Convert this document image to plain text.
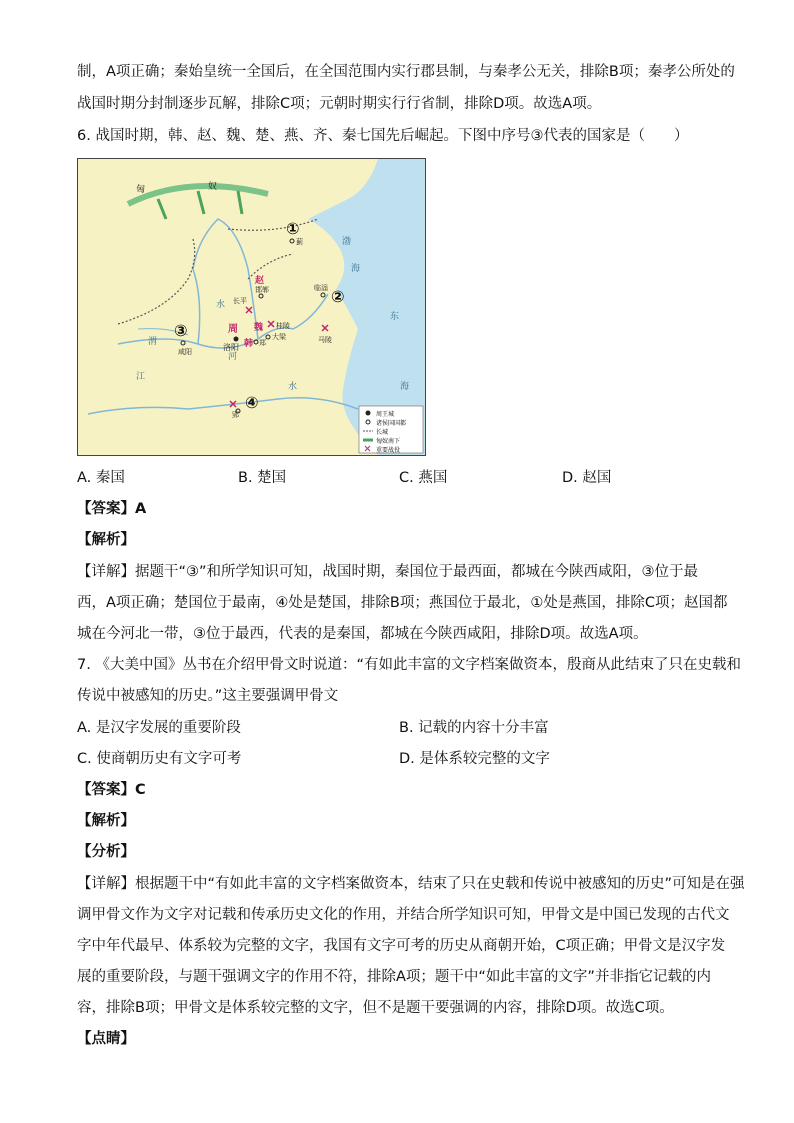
制，A项正确；秦始皇统一全国后，在全国范围内实行郡县制，与秦孝公无关，排除B项；秦孝公所处的
战国时期分封制逐步瓦解，排除C项；元朝时期实行行省制，排除D项。故选A项。
6. 战国时期，韩、赵、魏、楚、燕、齐、秦七国先后崛起。下图中序号③代表的国家是（　　）
匈	奴
渤
海
东
海
河
水
江
水
渭
①
②
③
④
蓟
赵
邯郸
长平
临淄
魏 桂陵
大梁
周
韩 郑
洛阳
咸阳
马陵
郢	周王城
诸侯国国都
长城
匈奴南下
重要战役
A. 秦国	B. 楚国	C. 燕国	D. 赵国
【答案】A
【解析】
【详解】据题干“③”和所学知识可知，战国时期，秦国位于最西面，都城在今陕西咸阳，③位于最
西，A项正确；楚国位于最南，④处是楚国，排除B项；燕国位于最北，①处是燕国，排除C项；赵国都
城在今河北一带，③位于最西，代表的是秦国，都城在今陕西咸阳，排除D项。故选A项。
7. 《大美中国》丛书在介绍甲骨文时说道：“有如此丰富的文字档案做资本，殷商从此结束了只在史载和
传说中被感知的历史。”这主要强调甲骨文
A. 是汉字发展的重要阶段	B. 记载的内容十分丰富
C. 使商朝历史有文字可考	D. 是体系较完整的文字
【答案】C
【解析】
【分析】
【详解】根据题干中“有如此丰富的文字档案做资本，结束了只在史载和传说中被感知的历史”可知是在强
调甲骨文作为文字对记载和传承历史文化的作用，并结合所学知识可知，甲骨文是中国已发现的古代文
字中年代最早、体系较为完整的文字，我国有文字可考的历史从商朝开始，C项正确；甲骨文是汉字发
展的重要阶段，与题干强调文字的作用不符，排除A项；题干中“如此丰富的文字”并非指它记载的内
容，排除B项；甲骨文是体系较完整的文字，但不是题干要强调的内容，排除D项。故选C项。
【点睛】
